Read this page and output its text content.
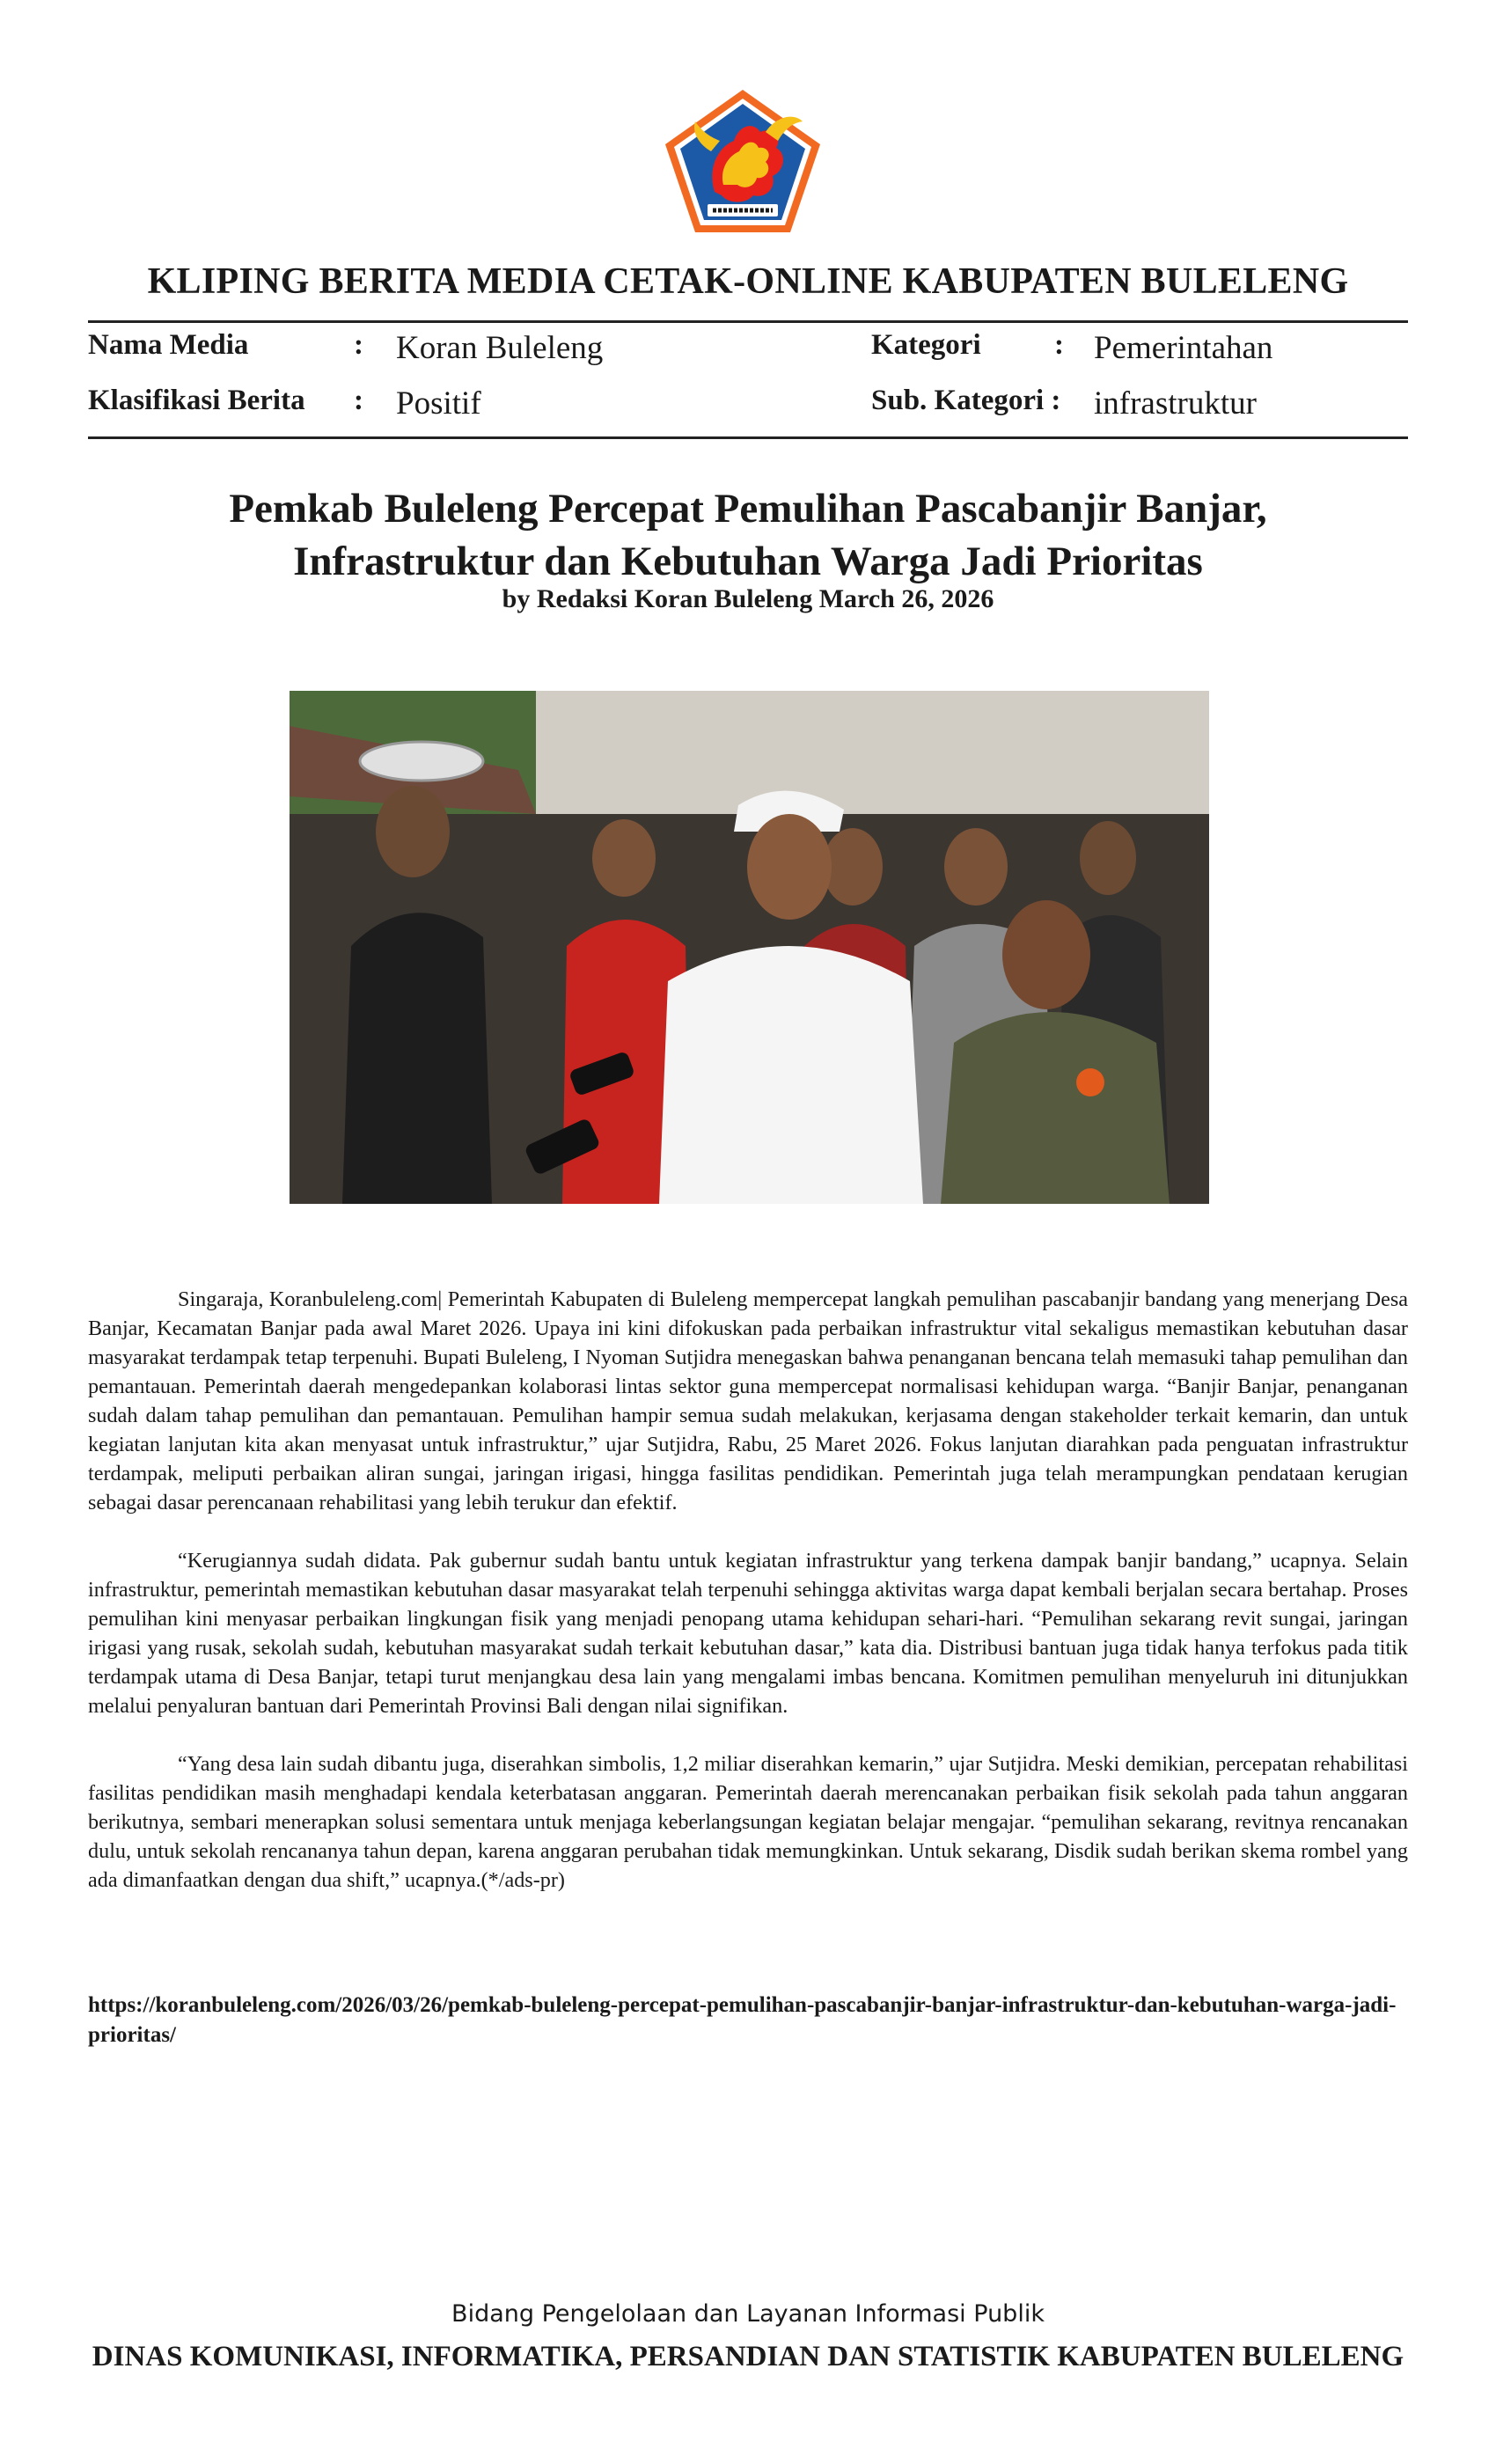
KLIPING BERITA MEDIA CETAK-ONLINE KABUPATEN BULELENG
Nama Media	: Koran Buleleng	Kategori	: Pemerintahan
Klasifikasi Berita : Positif	Sub. Kategori : infrastruktur
Pemkab Buleleng Percepat Pemulihan Pascabanjir Banjar,
Infrastruktur dan Kebutuhan Warga Jadi Prioritas
by Redaksi Koran Buleleng March 26, 2026

Singaraja, Koranbuleleng.com| Pemerintah Kabupaten di Buleleng mempercepat langkah pemulihan pascabanjir bandang yang menerjang Desa Banjar, Kecamatan Banjar pada awal Maret 2026. Upaya ini kini difokuskan pada perbaikan infrastruktur vital sekaligus memastikan kebutuhan dasar masyarakat terdampak tetap terpenuhi. Bupati Buleleng, I Nyoman Sutjidra menegaskan bahwa penanganan bencana telah memasuki tahap pemulihan dan pemantauan. Pemerintah daerah mengedepankan kolaborasi lintas sektor guna mempercepat normalisasi kehidupan warga. “Banjir Banjar, penanganan sudah dalam tahap pemulihan dan pemantauan. Pemulihan hampir semua sudah melakukan, kerjasama dengan stakeholder terkait kemarin, dan untuk kegiatan lanjutan kita akan menyasat untuk infrastruktur,” ujar Sutjidra, Rabu, 25 Maret 2026. Fokus lanjutan diarahkan pada penguatan infrastruktur terdampak, meliputi perbaikan aliran sungai, jaringan irigasi, hingga fasilitas pendidikan. Pemerintah juga telah merampungkan pendataan kerugian sebagai dasar perencanaan rehabilitasi yang lebih terukur dan efektif.

“Kerugiannya sudah didata. Pak gubernur sudah bantu untuk kegiatan infrastruktur yang terkena dampak banjir bandang,” ucapnya. Selain infrastruktur, pemerintah memastikan kebutuhan dasar masyarakat telah terpenuhi sehingga aktivitas warga dapat kembali berjalan secara bertahap. Proses pemulihan kini menyasar perbaikan lingkungan fisik yang menjadi penopang utama kehidupan sehari-hari. “Pemulihan sekarang revit sungai, jaringan irigasi yang rusak, sekolah sudah, kebutuhan masyarakat sudah terkait kebutuhan dasar,” kata dia. Distribusi bantuan juga tidak hanya terfokus pada titik terdampak utama di Desa Banjar, tetapi turut menjangkau desa lain yang mengalami imbas bencana. Komitmen pemulihan menyeluruh ini ditunjukkan melalui penyaluran bantuan dari Pemerintah Provinsi Bali dengan nilai signifikan.

“Yang desa lain sudah dibantu juga, diserahkan simbolis, 1,2 miliar diserahkan kemarin,” ujar Sutjidra. Meski demikian, percepatan rehabilitasi fasilitas pendidikan masih menghadapi kendala keterbatasan anggaran. Pemerintah daerah merencanakan perbaikan fisik sekolah pada tahun anggaran berikutnya, sembari menerapkan solusi sementara untuk menjaga keberlangsungan kegiatan belajar mengajar. “pemulihan sekarang, revitnya rencanakan dulu, untuk sekolah rencananya tahun depan, karena anggaran perubahan tidak memungkinkan. Untuk sekarang, Disdik sudah berikan skema rombel yang ada dimanfaatkan dengan dua shift,” ucapnya.(*/ads-pr)

https://koranbuleleng.com/2026/03/26/pemkab-buleleng-percepat-pemulihan-pascabanjir-banjar-infrastruktur-dan-kebutuhan-warga-jadi-prioritas/
Bidang Pengelolaan dan Layanan Informasi Publik
DINAS KOMUNIKASI, INFORMATIKA, PERSANDIAN DAN STATISTIK KABUPATEN BULELENG
